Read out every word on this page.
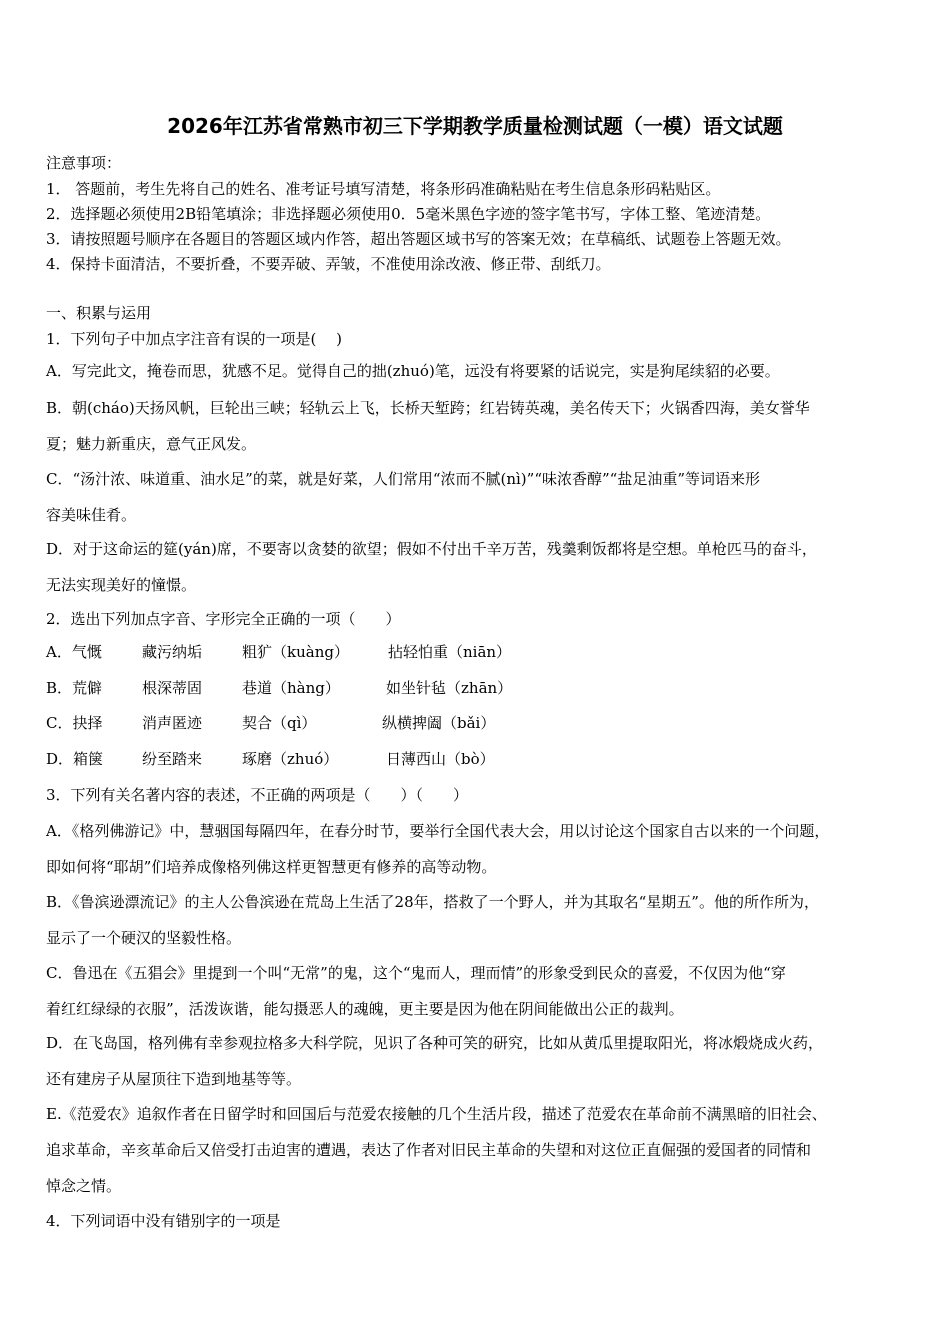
2026年江苏省常熟市初三下学期教学质量检测试题（一模）语文试题
注意事项：
1． 答题前，考生先将自己的姓名、准考证号填写清楚，将条形码准确粘贴在考生信息条形码粘贴区。
2．选择题必须使用2B铅笔填涂；非选择题必须使用0．5毫米黑色字迹的签字笔书写，字体工整、笔迹清楚。
3．请按照题号顺序在各题目的答题区域内作答，超出答题区域书写的答案无效；在草稿纸、试题卷上答题无效。
4．保持卡面清洁，不要折叠，不要弄破、弄皱，不准使用涂改液、修正带、刮纸刀。
一、积累与运用
1．下列句子中加点字注音有误的一项是(　 )
A．写完此文，掩卷而思，犹感不足。觉得自己的拙(zhuó)笔，远没有将要紧的话说完，实是狗尾续貂的必要。
B．朝(cháo)天扬风帆，巨轮出三峡；轻轨云上飞，长桥天堑跨；红岩铸英魂，美名传天下；火锅香四海，美女誉华
夏；魅力新重庆，意气正风发。
C．“汤汁浓、味道重、油水足”的菜，就是好菜，人们常用“浓而不腻(nì)”“味浓香醇”“盐足油重”等词语来形
容美味佳肴。
D．对于这命运的筵(yán)席，不要寄以贪婪的欲望；假如不付出千辛万苦，残羹剩饭都将是空想。单枪匹马的奋斗，
无法实现美好的憧憬。
2．选出下列加点字音、字形完全正确的一项（　　）
A．气慨	藏污纳垢	粗犷（kuàng）	拈轻怕重（niān）
B．荒僻	根深蒂固	巷道（hàng）	如坐针毡（zhān）
C．抉择	消声匿迹	契合（qì）	纵横捭阖（bǎi）
D．箱箧	纷至踏来	琢磨（zhuó）	日薄西山（bò）
3．下列有关名著内容的表述，不正确的两项是（　　）（　　）
A．《格列佛游记》中，慧骃国每隔四年，在春分时节，要举行全国代表大会，用以讨论这个国家自古以来的一个问题，
即如何将“耶胡”们培养成像格列佛这样更智慧更有修养的高等动物。
B．《鲁滨逊漂流记》的主人公鲁滨逊在荒岛上生活了28年，搭救了一个野人，并为其取名“星期五”。他的所作所为，
显示了一个硬汉的坚毅性格。
C．鲁迅在《五猖会》里提到一个叫“无常”的鬼，这个“鬼而人，理而情”的形象受到民众的喜爱，不仅因为他“穿
着红红绿绿的衣服”，活泼诙谐，能勾摄恶人的魂魄，更主要是因为他在阴间能做出公正的裁判。
D．在飞岛国，格列佛有幸参观拉格多大科学院，见识了各种可笑的研究，比如从黄瓜里提取阳光，将冰煅烧成火药，
还有建房子从屋顶往下造到地基等等。
E.《范爱农》追叙作者在日留学时和回国后与范爱农接触的几个生活片段，描述了范爱农在革命前不满黑暗的旧社会、
追求革命，辛亥革命后又倍受打击迫害的遭遇，表达了作者对旧民主革命的失望和对这位正直倔强的爱国者的同情和
悼念之情。
4．下列词语中没有错别字的一项是
